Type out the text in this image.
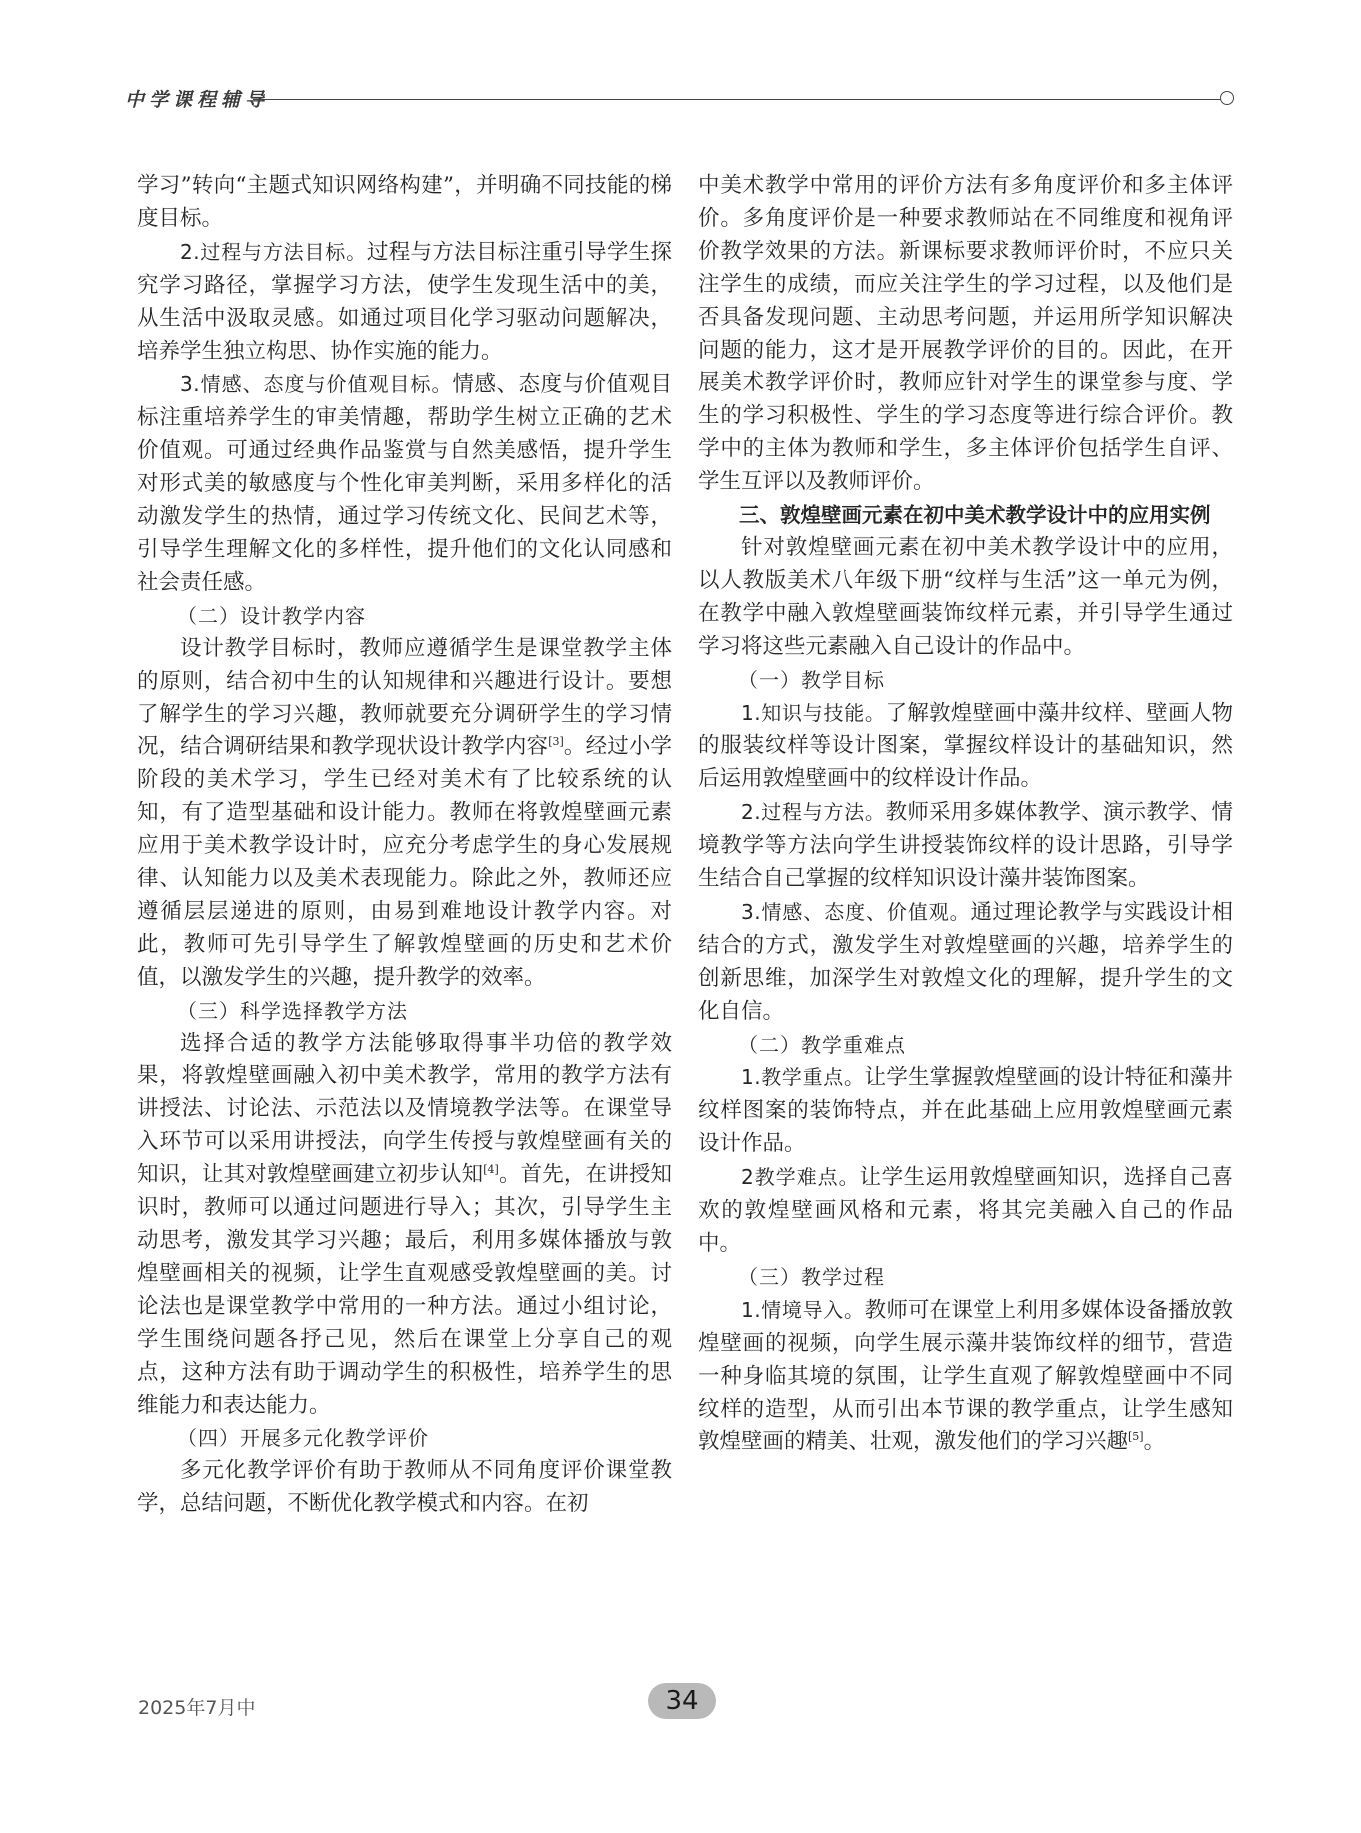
中学课程辅导

学习”转向“主题式知识网络构建”，并明确不同技能的梯度目标。

2.过程与方法目标。过程与方法目标注重引导学生探究学习路径，掌握学习方法，使学生发现生活中的美，从生活中汲取灵感。如通过项目化学习驱动问题解决，培养学生独立构思、协作实施的能力。

3.情感、态度与价值观目标。情感、态度与价值观目标注重培养学生的审美情趣，帮助学生树立正确的艺术价值观。可通过经典作品鉴赏与自然美感悟，提升学生对形式美的敏感度与个性化审美判断，采用多样化的活动激发学生的热情，通过学习传统文化、民间艺术等，引导学生理解文化的多样性，提升他们的文化认同感和社会责任感。

（二）设计教学内容

设计教学目标时，教师应遵循学生是课堂教学主体的原则，结合初中生的认知规律和兴趣进行设计。要想了解学生的学习兴趣，教师就要充分调研学生的学习情况，结合调研结果和教学现状设计教学内容[3]。经过小学阶段的美术学习，学生已经对美术有了比较系统的认知，有了造型基础和设计能力。教师在将敦煌壁画元素应用于美术教学设计时，应充分考虑学生的身心发展规律、认知能力以及美术表现能力。除此之外，教师还应遵循层层递进的原则，由易到难地设计教学内容。对此，教师可先引导学生了解敦煌壁画的历史和艺术价值，以激发学生的兴趣，提升教学的效率。

（三）科学选择教学方法

选择合适的教学方法能够取得事半功倍的教学效果，将敦煌壁画融入初中美术教学，常用的教学方法有讲授法、讨论法、示范法以及情境教学法等。在课堂导入环节可以采用讲授法，向学生传授与敦煌壁画有关的知识，让其对敦煌壁画建立初步认知[4]。首先，在讲授知识时，教师可以通过问题进行导入；其次，引导学生主动思考，激发其学习兴趣；最后，利用多媒体播放与敦煌壁画相关的视频，让学生直观感受敦煌壁画的美。讨论法也是课堂教学中常用的一种方法。通过小组讨论，学生围绕问题各抒己见，然后在课堂上分享自己的观点，这种方法有助于调动学生的积极性，培养学生的思维能力和表达能力。

（四）开展多元化教学评价

多元化教学评价有助于教师从不同角度评价课堂教学，总结问题，不断优化教学模式和内容。在初

中美术教学中常用的评价方法有多角度评价和多主体评价。多角度评价是一种要求教师站在不同维度和视角评价教学效果的方法。新课标要求教师评价时，不应只关注学生的成绩，而应关注学生的学习过程，以及他们是否具备发现问题、主动思考问题，并运用所学知识解决问题的能力，这才是开展教学评价的目的。因此，在开展美术教学评价时，教师应针对学生的课堂参与度、学生的学习积极性、学生的学习态度等进行综合评价。教学中的主体为教师和学生，多主体评价包括学生自评、学生互评以及教师评价。

三、敦煌壁画元素在初中美术教学设计中的应用实例

针对敦煌壁画元素在初中美术教学设计中的应用，以人教版美术八年级下册“纹样与生活”这一单元为例，在教学中融入敦煌壁画装饰纹样元素，并引导学生通过学习将这些元素融入自己设计的作品中。

（一）教学目标

1.知识与技能。了解敦煌壁画中藻井纹样、壁画人物的服装纹样等设计图案，掌握纹样设计的基础知识，然后运用敦煌壁画中的纹样设计作品。

2.过程与方法。教师采用多媒体教学、演示教学、情境教学等方法向学生讲授装饰纹样的设计思路，引导学生结合自己掌握的纹样知识设计藻井装饰图案。

3.情感、态度、价值观。通过理论教学与实践设计相结合的方式，激发学生对敦煌壁画的兴趣，培养学生的创新思维，加深学生对敦煌文化的理解，提升学生的文化自信。

（二）教学重难点

1.教学重点。让学生掌握敦煌壁画的设计特征和藻井纹样图案的装饰特点，并在此基础上应用敦煌壁画元素设计作品。

2教学难点。让学生运用敦煌壁画知识，选择自己喜欢的敦煌壁画风格和元素，将其完美融入自己的作品中。

（三）教学过程

1.情境导入。教师可在课堂上利用多媒体设备播放敦煌壁画的视频，向学生展示藻井装饰纹样的细节，营造一种身临其境的氛围，让学生直观了解敦煌壁画中不同纹样的造型，从而引出本节课的教学重点，让学生感知敦煌壁画的精美、壮观，激发他们的学习兴趣[5]。

2025年7月中	34
